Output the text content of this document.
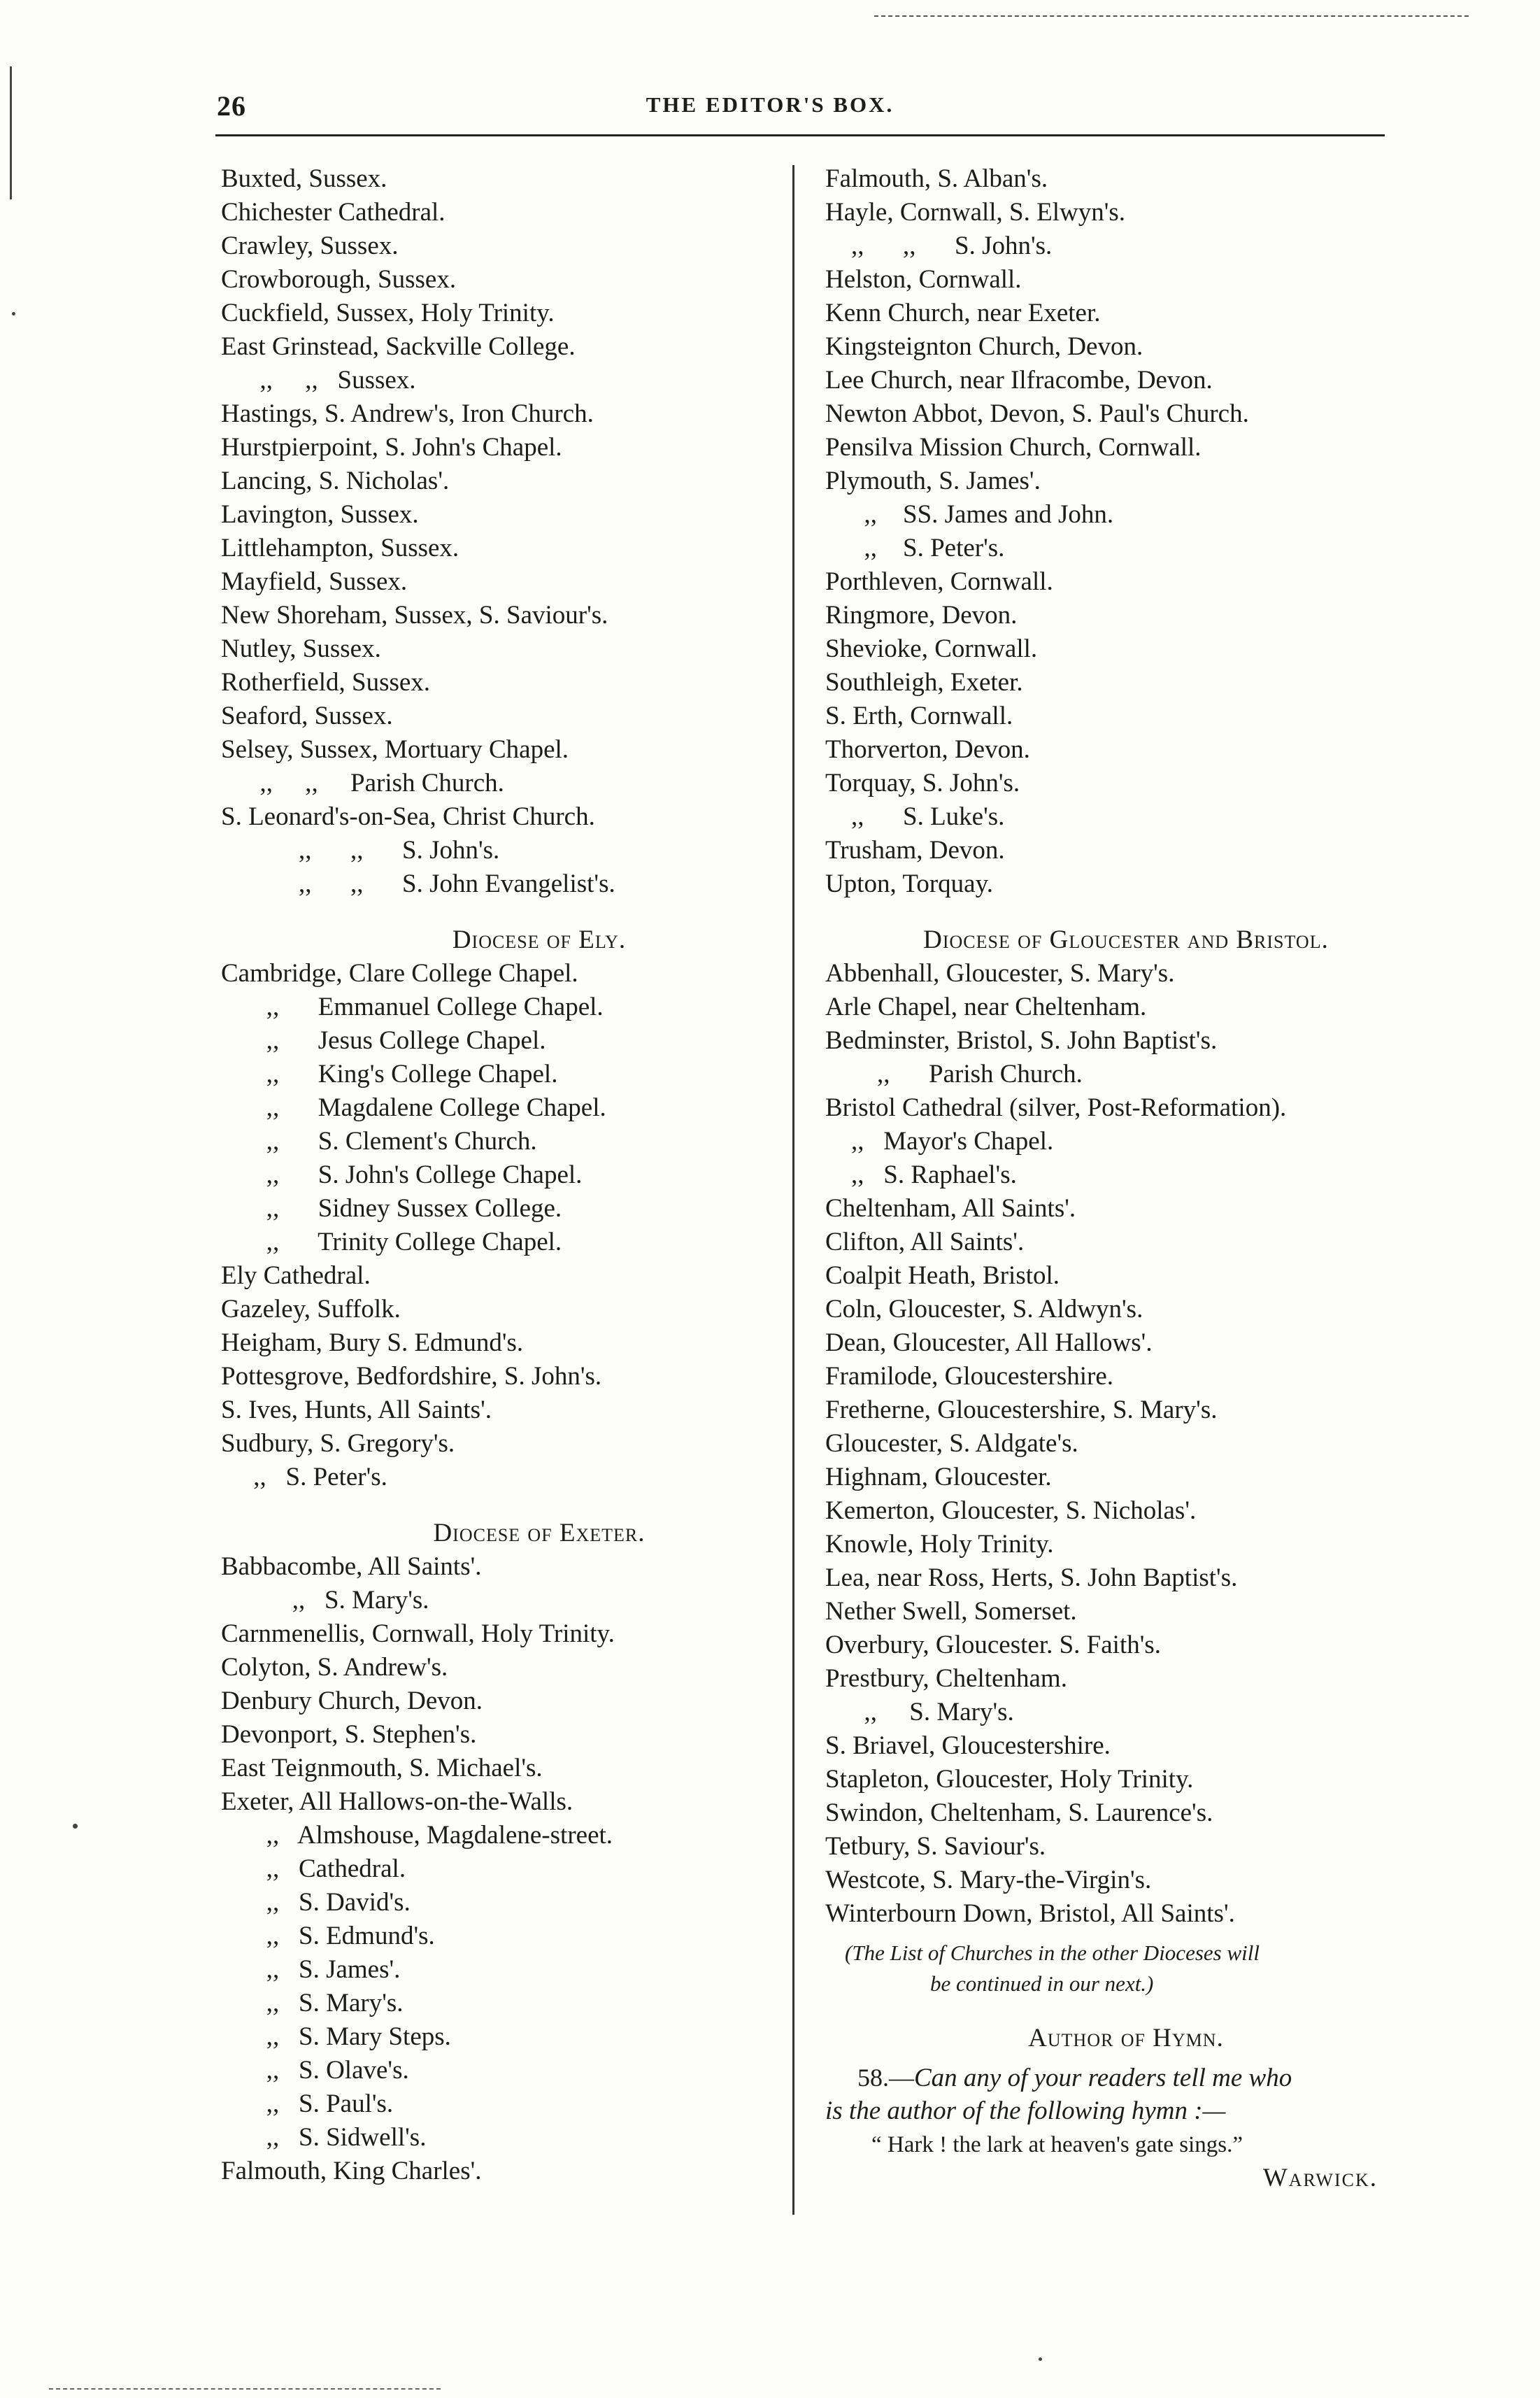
26	THE EDITOR'S BOX.
Buxted, Sussex.
Chichester Cathedral.
Crawley, Sussex.
Crowborough, Sussex.
Cuckfield, Sussex, Holy Trinity.
East Grinstead, Sackville College.
,,     ,,   Sussex.
Hastings, S. Andrew's, Iron Church.
Hurstpierpoint, S. John's Chapel.
Lancing, S. Nicholas'.
Lavington, Sussex.
Littlehampton, Sussex.
Mayfield, Sussex.
New Shoreham, Sussex, S. Saviour's.
Nutley, Sussex.
Rotherfield, Sussex.
Seaford, Sussex.
Selsey, Sussex, Mortuary Chapel.
,,     ,,     Parish Church.
S. Leonard's-on-Sea, Christ Church.
,,      ,,      S. John's.
,,      ,,      S. John Evangelist's.
Diocese of Ely.
Cambridge, Clare College Chapel.
,,      Emmanuel College Chapel.
,,      Jesus College Chapel.
,,      King's College Chapel.
,,      Magdalene College Chapel.
,,      S. Clement's Church.
,,      S. John's College Chapel.
,,      Sidney Sussex College.
,,      Trinity College Chapel.
Ely Cathedral.
Gazeley, Suffolk.
Heigham, Bury S. Edmund's.
Pottesgrove, Bedfordshire, S. John's.
S. Ives, Hunts, All Saints'.
Sudbury, S. Gregory's.
,,   S. Peter's.
Diocese of Exeter.
Babbacombe, All Saints'.
,,   S. Mary's.
Carnmenellis, Cornwall, Holy Trinity.
Colyton, S. Andrew's.
Denbury Church, Devon.
Devonport, S. Stephen's.
East Teignmouth, S. Michael's.
Exeter, All Hallows-on-the-Walls.
,,   Almshouse, Magdalene-street.
,,   Cathedral.
,,   S. David's.
,,   S. Edmund's.
,,   S. James'.
,,   S. Mary's.
,,   S. Mary Steps.
,,   S. Olave's.
,,   S. Paul's.
,,   S. Sidwell's.
Falmouth, King Charles'.
Falmouth, S. Alban's.
Hayle, Cornwall, S. Elwyn's.
,,      ,,      S. John's.
Helston, Cornwall.
Kenn Church, near Exeter.
Kingsteignton Church, Devon.
Lee Church, near Ilfracombe, Devon.
Newton Abbot, Devon, S. Paul's Church.
Pensilva Mission Church, Cornwall.
Plymouth, S. James'.
,,    SS. James and John.
,,    S. Peter's.
Porthleven, Cornwall.
Ringmore, Devon.
Shevioke, Cornwall.
Southleigh, Exeter.
S. Erth, Cornwall.
Thorverton, Devon.
Torquay, S. John's.
,,      S. Luke's.
Trusham, Devon.
Upton, Torquay.
Diocese of Gloucester and Bristol.
Abbenhall, Gloucester, S. Mary's.
Arle Chapel, near Cheltenham.
Bedminster, Bristol, S. John Baptist's.
,,      Parish Church.
Bristol Cathedral (silver, Post-Reformation).
,,   Mayor's Chapel.
,,   S. Raphael's.
Cheltenham, All Saints'.
Clifton, All Saints'.
Coalpit Heath, Bristol.
Coln, Gloucester, S. Aldwyn's.
Dean, Gloucester, All Hallows'.
Framilode, Gloucestershire.
Fretherne, Gloucestershire, S. Mary's.
Gloucester, S. Aldgate's.
Highnam, Gloucester.
Kemerton, Gloucester, S. Nicholas'.
Knowle, Holy Trinity.
Lea, near Ross, Herts, S. John Baptist's.
Nether Swell, Somerset.
Overbury, Gloucester. S. Faith's.
Prestbury, Cheltenham.
,,     S. Mary's.
S. Briavel, Gloucestershire.
Stapleton, Gloucester, Holy Trinity.
Swindon, Cheltenham, S. Laurence's.
Tetbury, S. Saviour's.
Westcote, S. Mary-the-Virgin's.
Winterbourn Down, Bristol, All Saints'.
(The List of Churches in the other Dioceses will
be continued in our next.)
Author of Hymn.
58.—Can any of your readers tell me who
is the author of the following hymn :—
“ Hark ! the lark at heaven's gate sings.”
Warwick.
